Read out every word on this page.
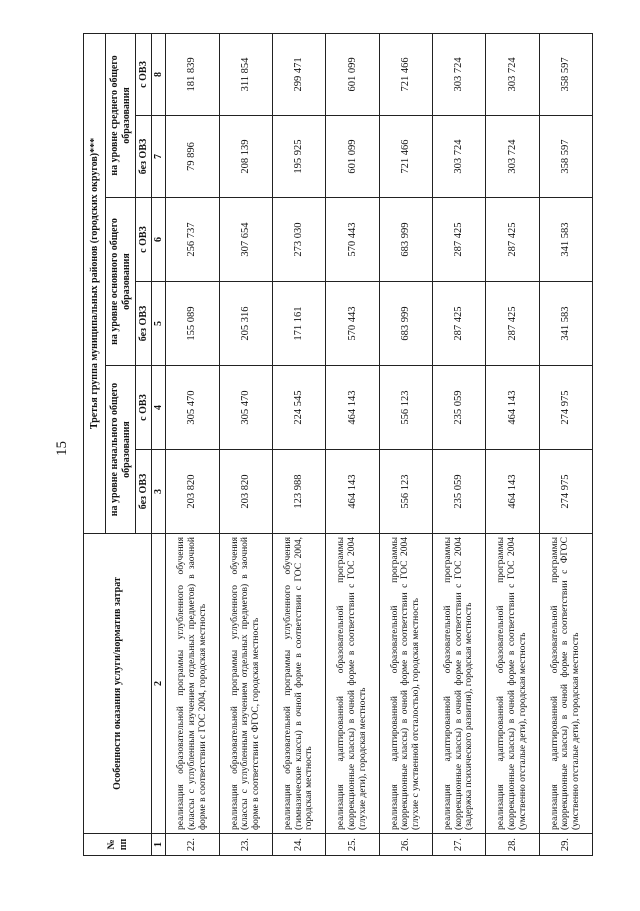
15
№ пп	Особенности оказания услуги/норматив затрат	Третья группа муниципальных районов (городских округов)***					
		на уровне начального общего образования		на уровне основного общего образования		на уровне среднего общего образования	
		без ОВЗ	с ОВЗ	без ОВЗ	с ОВЗ	без ОВЗ	с ОВЗ
1	2	3	4	5	6	7	8
22.	реализация образовательной программы углубленного обучения (классы с углубленным изучением отдельных предметов) в заочной форме в соответствии с ГОС 2004, городская местность	203 820	305 470	155 089	256 737	79 896	181 839
23.	реализация образовательной программы углубленного обучения (классы с углубленным изучением отдельных предметов) в заочной форме в соответствии с ФГОС, городская местность	203 820	305 470	205 316	307 654	208 139	311 854
24.	реализация образовательной программы углубленного обучения (гимназические классы) в очной форме в соответствии с ГОС 2004, городская местность	123 988	224 545	171 161	273 030	195 925	299 471
25.	реализация адаптированной образовательной программы (коррекционные классы) в очной форме в соответствии с ГОС 2004 (глухие дети), городская местность	464 143	464 143	570 443	570 443	601 099	601 099
26.	реализация адаптированной образовательной программы (коррекционные классы) в очной форме в соответствии с ГОС 2004 (глухие с умственной отсталостью), городская местность	556 123	556 123	683 999	683 999	721 466	721 466
27.	реализация адаптированной образовательной программы (коррекционные классы) в очной форме в соответствии с ГОС 2004 (задержка психического развития), городская местность	235 059	235 059	287 425	287 425	303 724	303 724
28.	реализация адаптированной образовательной программы (коррекционные классы) в очной форме в соответствии с ГОС 2004 (умственно отсталые дети), городская местность	464 143	464 143	287 425	287 425	303 724	303 724
29.	реализация адаптированной образовательной программы (коррекционные классы) в очной форме в соответствии с ФГОС (умственно отсталые дети), городская местность	274 975	274 975	341 583	341 583	358 597	358 597
